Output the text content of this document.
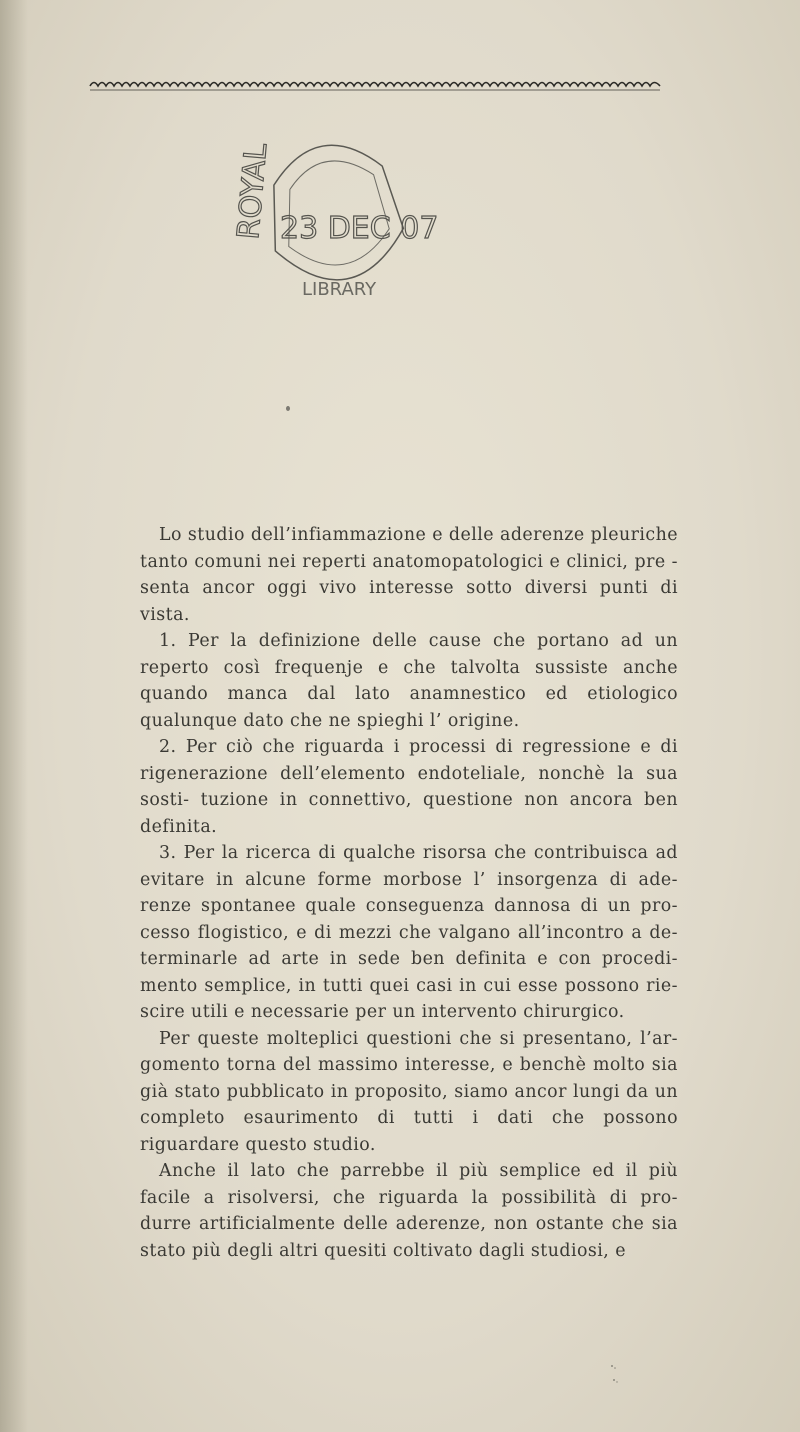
ROYAL 23 DEC 07
LIBRARY

Lo studio dell’infiammazione e delle aderenze pleuriche tanto comuni nei reperti anatomopatologici e clinici, pre - senta ancor oggi vivo interesse sotto diversi punti di vista.

1. Per la definizione delle cause che portano ad un reperto così frequenje e che talvolta sussiste anche quando manca dal lato anamnestico ed etiologico qualunque dato che ne spieghi l’ origine.

2. Per ciò che riguarda i processi di regressione e di rigenerazione dell’elemento endoteliale, nonchè la sua sosti- tuzione in connettivo, questione non ancora ben definita.

3. Per la ricerca di qualche risorsa che contribuisca ad evitare in alcune forme morbose l’ insorgenza di ade- renze spontanee quale conseguenza dannosa di un pro- cesso flogistico, e di mezzi che valgano all’incontro a de- terminarle ad arte in sede ben definita e con procedi- mento semplice, in tutti quei casi in cui esse possono rie- scire utili e necessarie per un intervento chirurgico.

Per queste molteplici questioni che si presentano, l’ar- gomento torna del massimo interesse, e benchè molto sia già stato pubblicato in proposito, siamo ancor lungi da un completo esaurimento di tutti i dati che possono riguardare questo studio.

Anche il lato che parrebbe il più semplice ed il più facile a risolversi, che riguarda la possibilità di pro- durre artificialmente delle aderenze, non ostante che sia stato più degli altri quesiti coltivato dagli studiosi, e
